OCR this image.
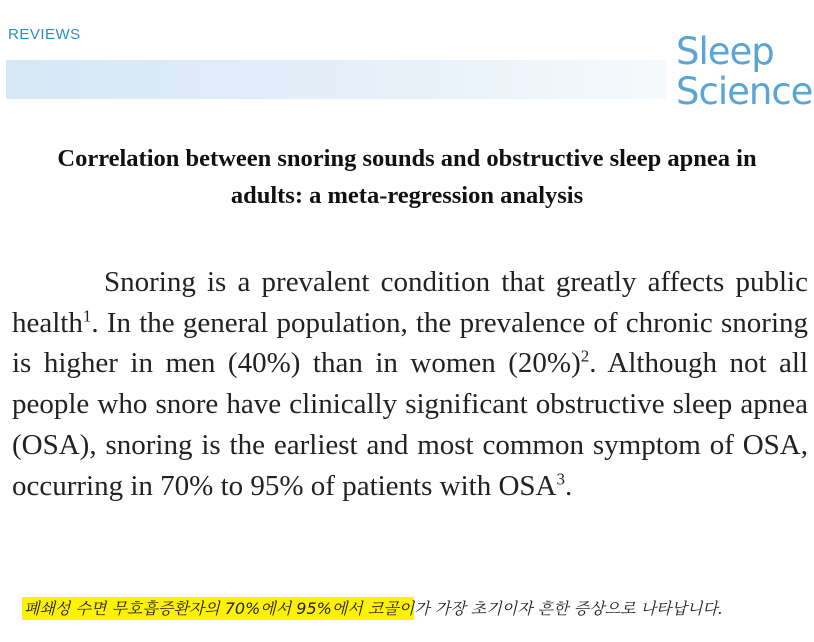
REVIEWS	Sleep
Science
Correlation between snoring sounds and obstructive sleep apnea in
adults: a meta-regression analysis
Snoring is a prevalent condition that greatly affects public health$^1$. In the general population, the prevalence of chronic snoring is higher in men (40%) than in women $(20\%)^2$. Although not all people who snore have clinically significant obstructive sleep apnea (OSA), snoring is the earliest and most common symptom of OSA, occurring in 70% to 95% of patients with OSA$^3$.
폐쇄성 수면 무호흡증환자의 70%에서 95%에서 코골이가 가장 초기이자 흔한 증상으로 나타납니다.
